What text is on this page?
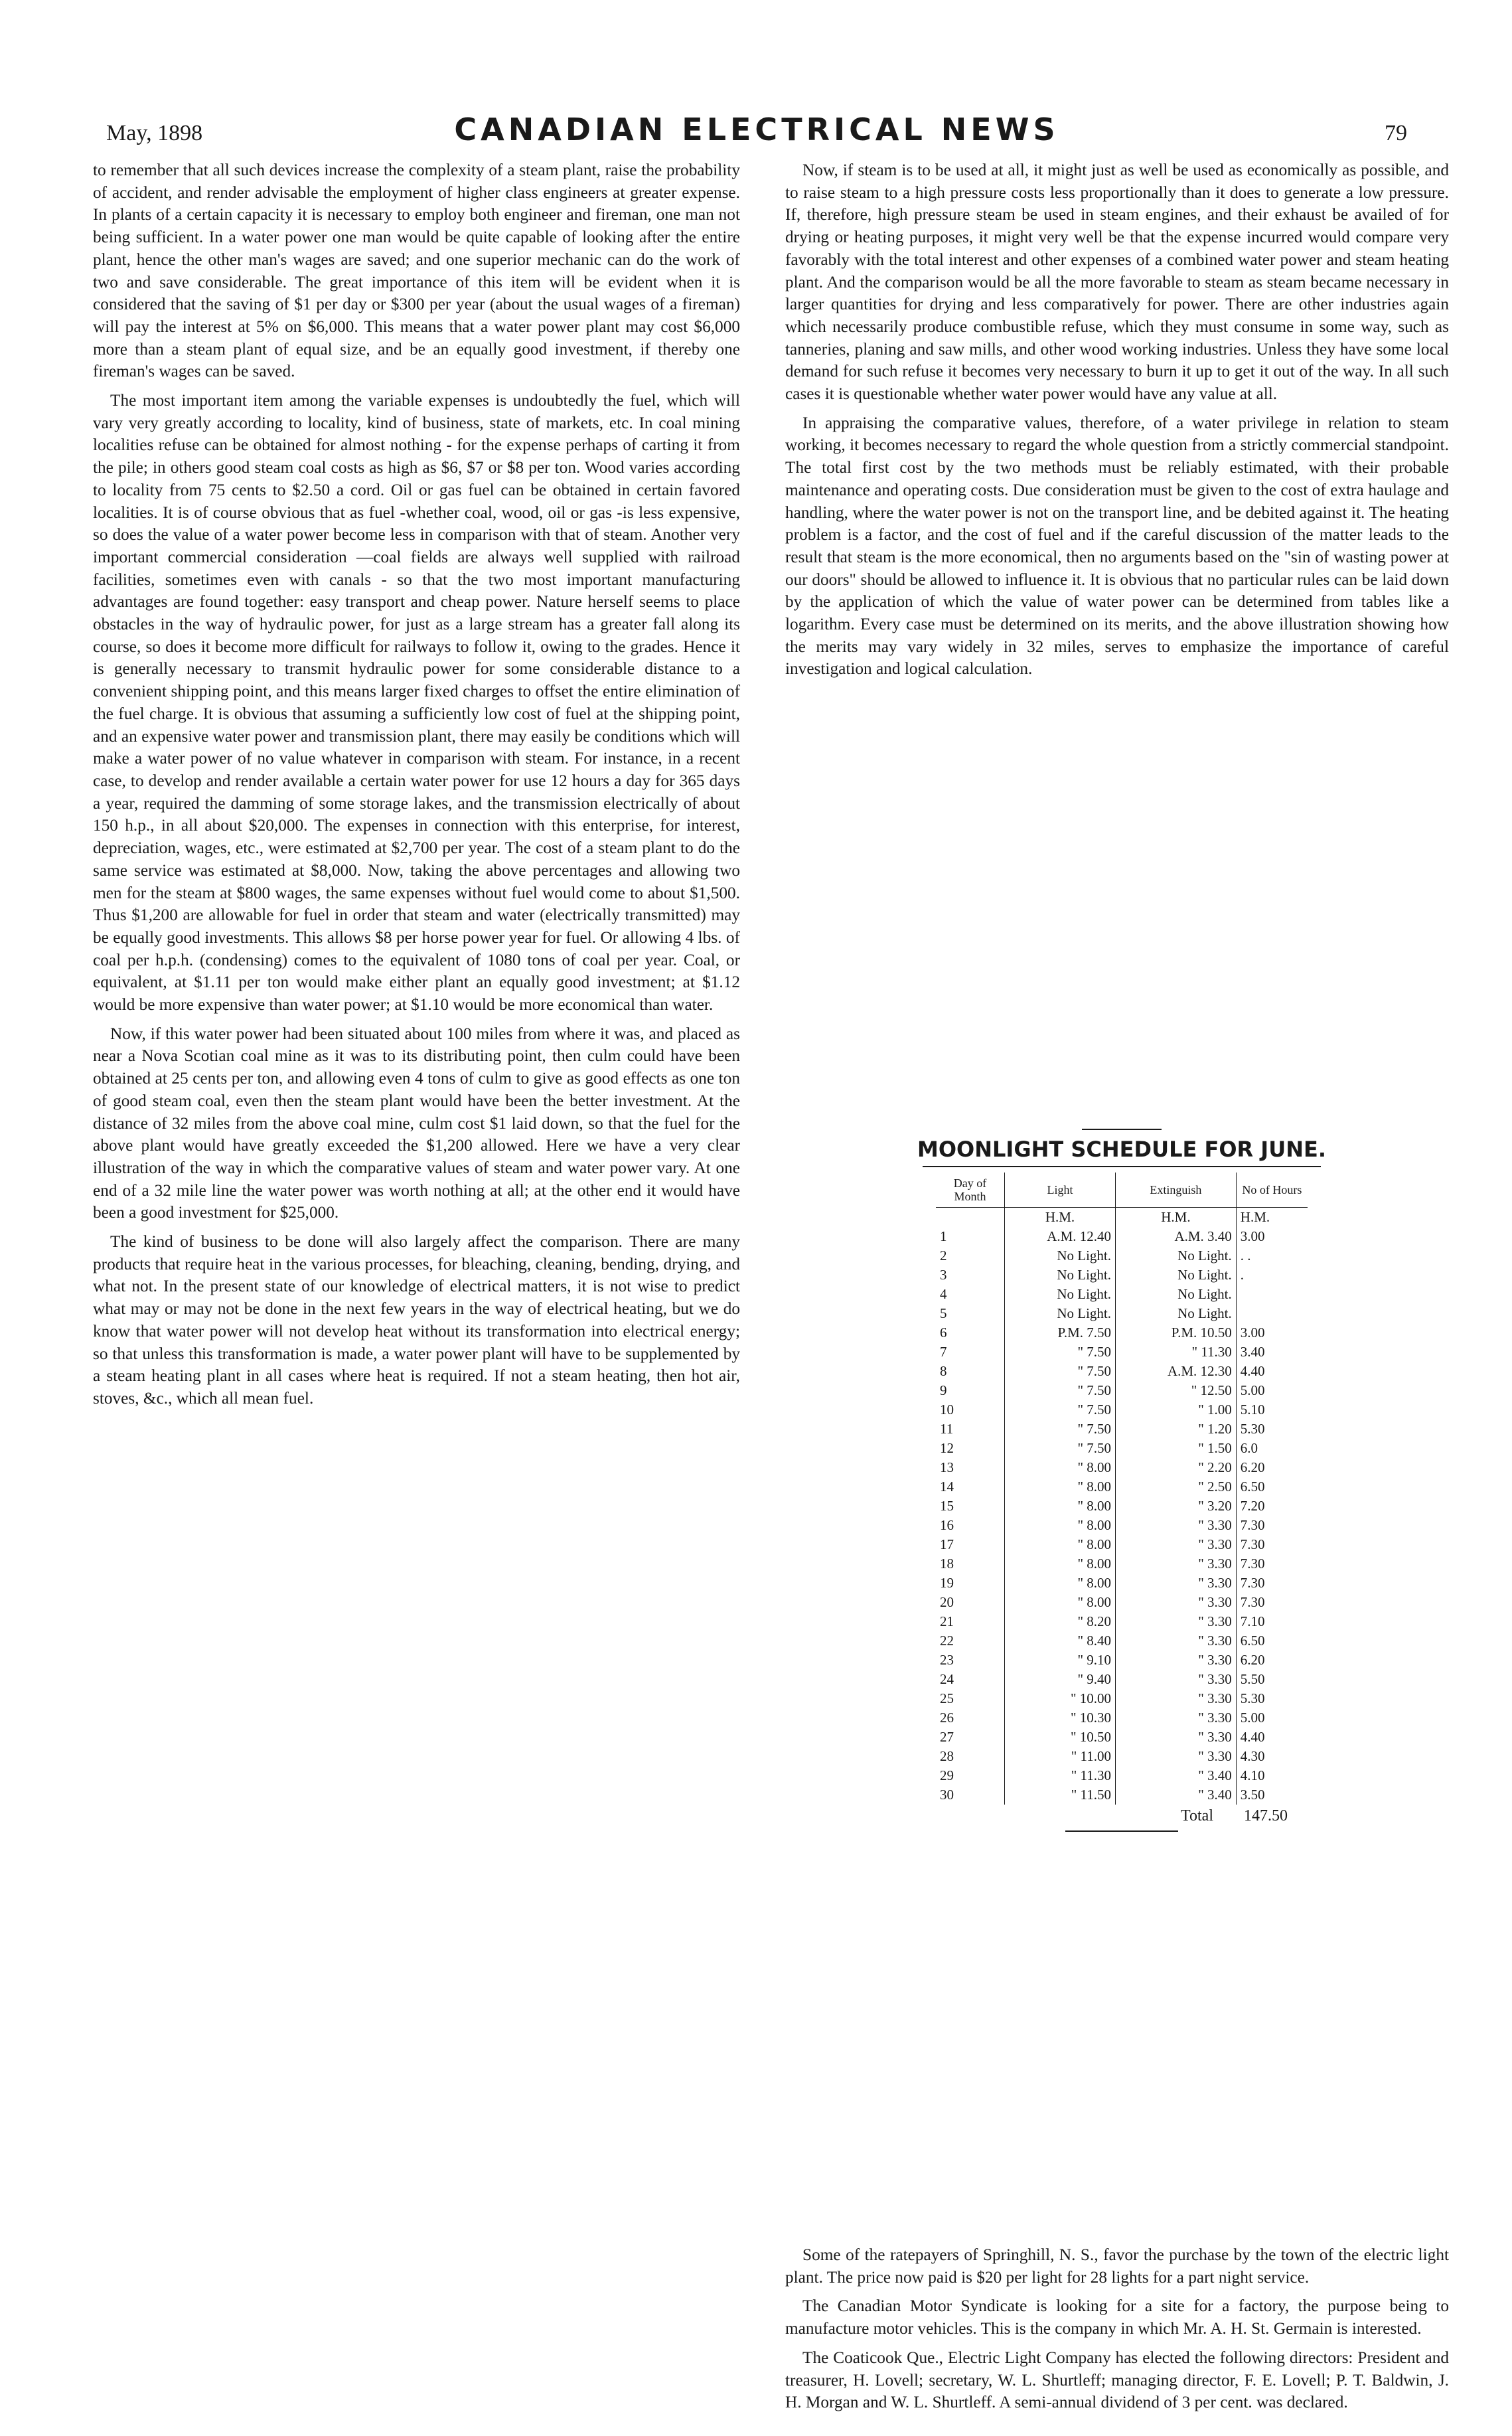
May, 1898	CANADIAN ELECTRICAL NEWS	79

to remember that all such devices increase the complexity of a steam plant, raise the probability of accident, and render advisable the employment of higher class engineers at greater expense. In plants of a certain capacity it is necessary to employ both engineer and fireman, one man not being sufficient. In a water power one man would be quite capable of looking after the entire plant, hence the other man's wages are saved; and one superior mechanic can do the work of two and save considerable. The great importance of this item will be evident when it is considered that the saving of $1 per day or $300 per year (about the usual wages of a fireman) will pay the interest at 5% on $6,000. This means that a water power plant may cost $6,000 more than a steam plant of equal size, and be an equally good investment, if thereby one fireman's wages can be saved.

The most important item among the variable expenses is undoubtedly the fuel, which will vary very greatly according to locality, kind of business, state of markets, etc. In coal mining localities refuse can be obtained for almost nothing - for the expense perhaps of carting it from the pile; in others good steam coal costs as high as $6, $7 or $8 per ton. Wood varies according to locality from 75 cents to $2.50 a cord. Oil or gas fuel can be obtained in certain favored localities. It is of course obvious that as fuel -whether coal, wood, oil or gas -is less expensive, so does the value of a water power become less in comparison with that of steam. Another very important commercial consideration —coal fields are always well supplied with railroad facilities, sometimes even with canals - so that the two most important manufacturing advantages are found together: easy transport and cheap power. Nature herself seems to place obstacles in the way of hydraulic power, for just as a large stream has a greater fall along its course, so does it become more difficult for railways to follow it, owing to the grades. Hence it is generally necessary to transmit hydraulic power for some considerable distance to a convenient shipping point, and this means larger fixed charges to offset the entire elimination of the fuel charge. It is obvious that assuming a sufficiently low cost of fuel at the shipping point, and an expensive water power and transmission plant, there may easily be conditions which will make a water power of no value whatever in comparison with steam. For instance, in a recent case, to develop and render available a certain water power for use 12 hours a day for 365 days a year, required the damming of some storage lakes, and the transmission electrically of about 150 h.p., in all about $20,000. The expenses in connection with this enterprise, for interest, depreciation, wages, etc., were estimated at $2,700 per year. The cost of a steam plant to do the same service was estimated at $8,000. Now, taking the above percentages and allowing two men for the steam at $800 wages, the same expenses without fuel would come to about $1,500. Thus $1,200 are allowable for fuel in order that steam and water (electrically transmitted) may be equally good investments. This allows $8 per horse power year for fuel. Or allowing 4 lbs. of coal per h.p.h. (condensing) comes to the equivalent of 1080 tons of coal per year. Coal, or equivalent, at $1.11 per ton would make either plant an equally good investment; at $1.12 would be more expensive than water power; at $1.10 would be more economical than water.

Now, if this water power had been situated about 100 miles from where it was, and placed as near a Nova Scotian coal mine as it was to its distributing point, then culm could have been obtained at 25 cents per ton, and allowing even 4 tons of culm to give as good effects as one ton of good steam coal, even then the steam plant would have been the better investment. At the distance of 32 miles from the above coal mine, culm cost $1 laid down, so that the fuel for the above plant would have greatly exceeded the $1,200 allowed. Here we have a very clear illustration of the way in which the comparative values of steam and water power vary. At one end of a 32 mile line the water power was worth nothing at all; at the other end it would have been a good investment for $25,000.

The kind of business to be done will also largely affect the comparison. There are many products that require heat in the various processes, for bleaching, cleaning, bending, drying, and what not. In the present state of our knowledge of electrical matters, it is not wise to predict what may or may not be done in the next few years in the way of electrical heating, but we do know that water power will not develop heat without its transformation into electrical energy; so that unless this transformation is made, a water power plant will have to be supplemented by a steam heating plant in all cases where heat is required. If not a steam heating, then hot air, stoves, &c., which all mean fuel.

Now, if steam is to be used at all, it might just as well be used as economically as possible, and to raise steam to a high pressure costs less proportionally than it does to generate a low pressure. If, therefore, high pressure steam be used in steam engines, and their exhaust be availed of for drying or heating purposes, it might very well be that the expense incurred would compare very favorably with the total interest and other expenses of a combined water power and steam heating plant. And the comparison would be all the more favorable to steam as steam became necessary in larger quantities for drying and less comparatively for power. There are other industries again which necessarily produce combustible refuse, which they must consume in some way, such as tanneries, planing and saw mills, and other wood working industries. Unless they have some local demand for such refuse it becomes very necessary to burn it up to get it out of the way. In all such cases it is questionable whether water power would have any value at all.

In appraising the comparative values, therefore, of a water privilege in relation to steam working, it becomes necessary to regard the whole question from a strictly commercial standpoint. The total first cost by the two methods must be reliably estimated, with their probable maintenance and operating costs. Due consideration must be given to the cost of extra haulage and handling, where the water power is not on the transport line, and be debited against it. The heating problem is a factor, and the cost of fuel and if the careful discussion of the matter leads to the result that steam is the more economical, then no arguments based on the "sin of wasting power at our doors" should be allowed to influence it. It is obvious that no particular rules can be laid down by the application of which the value of water power can be determined from tables like a logarithm. Every case must be determined on its merits, and the above illustration showing how the merits may vary widely in 32 miles, serves to emphasize the importance of careful investigation and logical calculation.

MOONLIGHT SCHEDULE FOR JUNE.
Day of Month	Light	Extinguish	No of Hours
	H.M.	H.M.	H.M.
1	A.M. 12.40	A.M. 3.40	3.00
2	No Light.	No Light.	. .
3	No Light.	No Light.	.
4	No Light.	No Light.	
5	No Light.	No Light.	
6	P.M. 7.50	P.M. 10.50	3.00
7	" 7.50	" 11.30	3.40
8	" 7.50	A.M. 12.30	4.40
9	" 7.50	" 12.50	5.00
10	" 7.50	" 1.00	5.10
11	" 7.50	" 1.20	5.30
12	" 7.50	" 1.50	6.0
13	" 8.00	" 2.20	6.20
14	" 8.00	" 2.50	6.50
15	" 8.00	" 3.20	7.20
16	" 8.00	" 3.30	7.30
17	" 8.00	" 3.30	7.30
18	" 8.00	" 3.30	7.30
19	" 8.00	" 3.30	7.30
20	" 8.00	" 3.30	7.30
21	" 8.20	" 3.30	7.10
22	" 8.40	" 3.30	6.50
23	" 9.10	" 3.30	6.20
24	" 9.40	" 3.30	5.50
25	" 10.00	" 3.30	5.30
26	" 10.30	" 3.30	5.00
27	" 10.50	" 3.30	4.40
28	" 11.00	" 3.30	4.30
29	" 11.30	" 3.40	4.10
30	" 11.50	" 3.40	3.50
Total 147.50

Some of the ratepayers of Springhill, N. S., favor the purchase by the town of the electric light plant. The price now paid is $20 per light for 28 lights for a part night service.

The Canadian Motor Syndicate is looking for a site for a factory, the purpose being to manufacture motor vehicles. This is the company in which Mr. A. H. St. Germain is interested.

The Coaticook Que., Electric Light Company has elected the following directors: President and treasurer, H. Lovell; secretary, W. L. Shurtleff; managing director, F. E. Lovell; P. T. Baldwin, J. H. Morgan and W. L. Shurtleff. A semi-annual dividend of 3 per cent. was declared.
